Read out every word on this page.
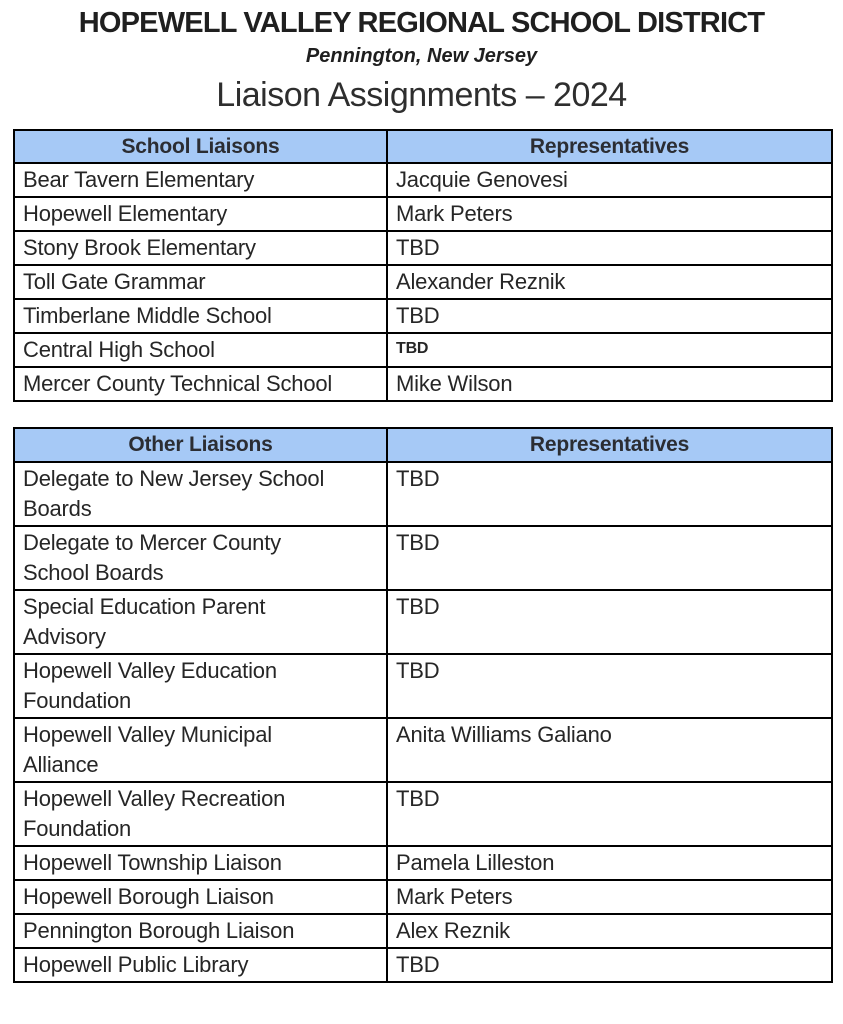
HOPEWELL VALLEY REGIONAL SCHOOL DISTRICT
Pennington, New Jersey
Liaison Assignments – 2024
School Liaisons	Representatives
Bear Tavern Elementary	Jacquie Genovesi
Hopewell Elementary	Mark Peters
Stony Brook Elementary	TBD
Toll Gate Grammar	Alexander Reznik
Timberlane Middle School	TBD
Central High School	TBD
Mercer County Technical School	Mike Wilson
Other Liaisons	Representatives
Delegate to New Jersey School Boards	TBD
Delegate to Mercer County School Boards	TBD
Special Education Parent Advisory	TBD
Hopewell Valley Education Foundation	TBD
Hopewell Valley Municipal Alliance	Anita Williams Galiano
Hopewell Valley Recreation Foundation	TBD
Hopewell Township Liaison	Pamela Lilleston
Hopewell Borough Liaison	Mark Peters
Pennington Borough Liaison	Alex Reznik
Hopewell Public Library	TBD
